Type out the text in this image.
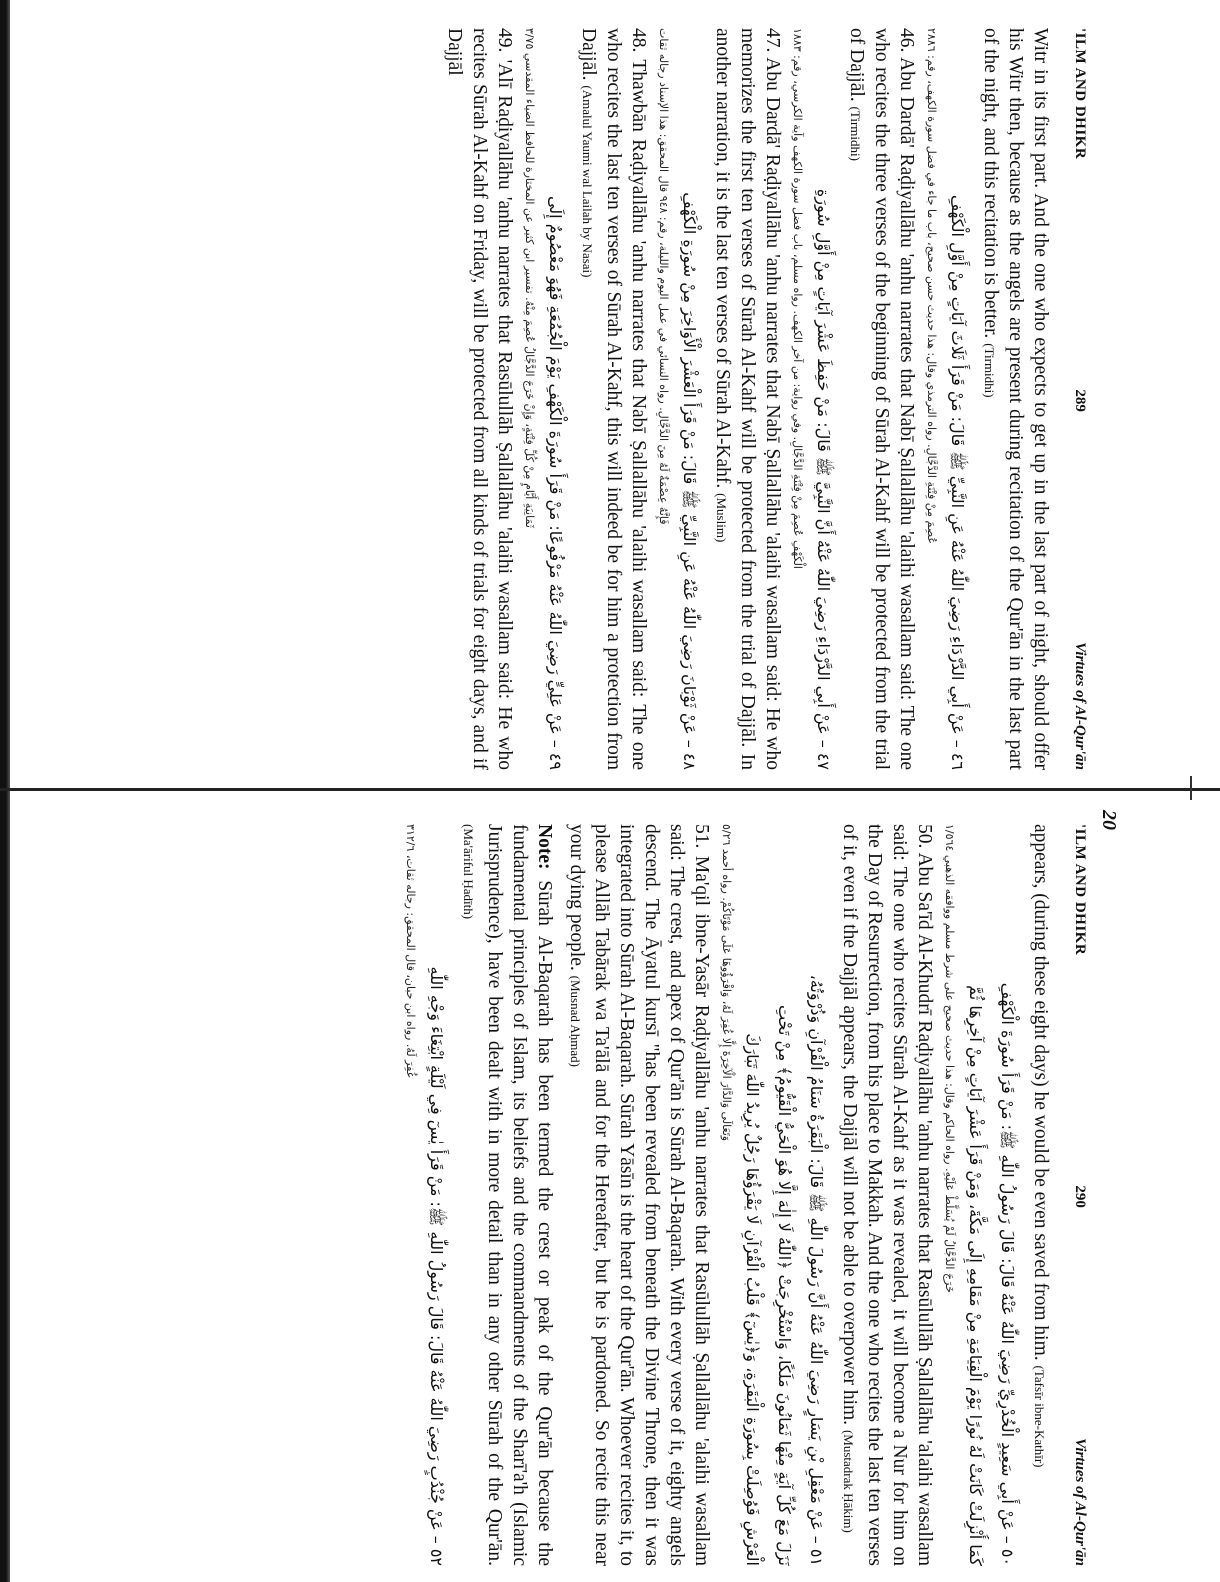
20
'ILM AND DHIKR
289
Virtues of Al-Qur'ān

Witr in its first part. And the one who expects to get up in the last part of night, should offer his Witr then, because as the angels are present during recitation of the Qur'ān in the last part of the night, and this recitation is better. (Tirmidhi)

٤٦ – عَنْ أَبِي الدَّرْدَاءِ رَضِيَ اللّٰهُ عَنْهُ عَنِ النَّبِيِّ ﷺ قَالَ: مَنْ قَرَأَ ثَلَاثَ آيَاتٍ مِنْ أَوَّلِ الْكَهْفِ
عُصِمَ مِنْ فِتْنَةِ الدَّجَّالِ. رواه الترمذي وقال: هذا حديث حسن صحيح، باب ما جاء في فضل سورة الكهف، رقم: ٢٨٨٦

46. Abu Dardā' Raḍiyallāhu 'anhu narrates that Nabī Ṣallallāhu 'alaihi wasallam said: The one who recites the three verses of the beginning of Sūrah Al-Kahf will be protected from the trial of Dajjāl. (Tirmidhi)

٤٧ – عَنْ أَبِي الدَّرْدَاءِ رَضِيَ اللّٰهُ عَنْهُ أَنَّ النَّبِيَّ ﷺ قَالَ: مَنْ حَفِظَ عَشْرَ آيَاتٍ مِنْ أَوَّلِ سُورَةِ
الْكَهْفِ عُصِمَ مِنْ فِتْنَةِ الدَّجَّالِ. وفي رواية: من آخر الكهف. رواه مسلم، باب فضل سورة الكهف وآية الكرسي، رقم: ١٨٨٣

47. Abu Dardā' Raḍiyallāhu 'anhu narrates that Nabī Ṣallallāhu 'alaihi wasallam said: He who memorizes the first ten verses of Sūrah Al-Kahf will be protected from the trial of Dajjāl. In another narration, it is the last ten verses of Sūrah Al-Kahf. (Muslim)

٤٨ – عَنْ ثَوْبَانَ رَضِيَ اللّٰهُ عَنْهُ عَنِ النَّبِيِّ ﷺ قَالَ: مَنْ قَرَأَ الْعَشْرَ الْأَوَاخِرَ مِنْ سُورَةِ الْكَهْفِ
فَإِنَّهُ عِصْمَةٌ لَهُ مِنَ الدَّجَّالِ. رواه النسائي في عمل اليوم والليلة، رقم: ٩٤٨ قال المحقق: هذا الإسناد رجاله ثقات

48. Thawbān Raḍiyallāhu 'anhu narrates that Nabī Ṣallallāhu 'alaihi wasallam said: The one who recites the last ten verses of Sūrah Al-Kahf, this will indeed be for him a protection from Dajjāl. (Amalul Yaumi wal Lailah by Nasai)

٤٩ – عَنْ عَلِيٍّ رَضِيَ اللّٰهُ عَنْهُ مَرْفُوعًا: مَنْ قَرَأَ سُورَةَ الْكَهْفِ يَوْمَ الْجُمُعَةِ فَهُوَ مَعْصُومٌ إِلَى
ثَمَانِيَةِ أَيَّامٍ مِنْ كُلِّ فِتْنَةٍ، وَإِنْ خَرَجَ الدَّجَّالُ عُصِمَ مِنْهُ. تفسير ابن كثير عن المختارة للحافظ الضياء المقدسي ٣/٧٥

49. 'Alī Raḍiyallāhu 'anhu narrates that Rasūlullāh Ṣallallāhu 'alaihi wasallam said: He who recites Sūrah Al-Kahf on Friday, will be protected from all kinds of trials for eight days, and if Dajjāl

'ILM AND DHIKR
290
Virtues of Al-Qur'ān

appears, (during these eight days) he would be even saved from him. (Tafsīr ibne-Kathīr)

٥٠ – عَنْ أَبِي سَعِيدٍ الْخُدْرِيِّ رَضِيَ اللّٰهُ عَنْهُ قَالَ: قَالَ رَسُولُ اللّٰهِ ﷺ: مَنْ قَرَأَ سُورَةَ الْكَهْفِ
كَمَا أُنْزِلَتْ كَانَتْ لَهُ نُورًا يَوْمَ الْقِيَامَةِ مِنْ مَقَامِهِ إِلَى مَكَّةَ، وَمَنْ قَرَأَ عَشْرَ آيَاتٍ مِنْ آخِرِهَا ثُمَّ
خَرَجَ الدَّجَّالُ لَمْ يُسَلَّطْ عَلَيْهِ. رواه الحاكم وقال: هذا حديث صحيح على شرط مسلم ووافقه الذهبي ١/٥٦٤

50. Abu Sa'īd Al-Khudrī Raḍiyallāhu 'anhu narrates that Rasūlullāh Ṣallallāhu 'alaihi wasallam said: The one who recites Sūrah Al-Kahf as it was revealed, it will become a Nur for him on the Day of Resurrection, from his place to Makkah. And the one who recites the last ten verses of it, even if the Dajjāl appears, the Dajjāl will not be able to overpower him. (Mustadrak Ḥākim)

٥١ – عَنْ مَعْقِلِ بْنِ يَسَارٍ رَضِيَ اللّٰهُ عَنْهُ أَنَّ رَسُولَ اللّٰهِ ﷺ قَالَ: الْبَقَرَةُ سَنَامُ الْقُرْآنِ وَذُرْوَتُهُ،
نَزَلَ مَعَ كُلِّ آيَةٍ مِنْهَا ثَمَانُونَ مَلَكًا، وَاسْتُخْرِجَتْ ﴿اللّٰهُ لَا إِلٰهَ إِلَّا هُوَ الْحَيُّ الْقَيُّومُ﴾ مِنْ تَحْتِ
الْعَرْشِ فَوُصِلَتْ بِسُورَةِ الْبَقَرَةِ، وَ﴿يٰسٓ﴾ قَلْبُ الْقُرْآنِ لَا يَقْرَؤُهَا رَجُلٌ يُرِيدُ اللّٰهَ تَبَارَكَ
وَتَعَالَى وَالدَّارَ الْآخِرَةَ إِلَّا غُفِرَ لَهُ، وَاقْرَؤُوهَا عَلَى مَوْتَاكُمْ. رواه أحمد ٥/٢٦

51. Ma'qil ibne-Yasār Raḍiyallāhu 'anhu narrates that Rasūlullāh Ṣallallāhu 'alaihi wasallam said: The crest, and apex of Qur'ān is Sūrah Al-Baqarah. With every verse of it, eighty angels descend. The Āyatul kursī "has been revealed from beneath the Divine Throne, then it was integrated into Sūrah Al-Baqarah. Sūrah Yāsīn is the heart of the Qur'ān. Whoever recites it, to please Allāh Tabārak wa Ta'ālā and for the Hereafter, but he is pardoned. So recite this near your dying people. (Musnad Aḥmad)

Note: Sūrah Al-Baqarah has been termed the crest or peak of the Qur'ān because the fundamental principles of Islam, its beliefs and the commandments of the Sharī'a'h (Islamic Jurisprudence), have been dealt with in more detail than in any other Sūrah of the Qur'ān. (Ma'āriful Ḥadīth)

٥٢ – عَنْ جُنْدُبٍ رَضِيَ اللّٰهُ عَنْهُ قَالَ: قَالَ رَسُولُ اللّٰهِ ﷺ: مَنْ قَرَأَ يٰسٓ فِي لَيْلَةٍ ابْتِغَاءَ وَجْهِ اللّٰهِ
غُفِرَ لَهُ. رواه ابن حبان، قال المحقق: رجاله ثقات، ٣١٢/٦
